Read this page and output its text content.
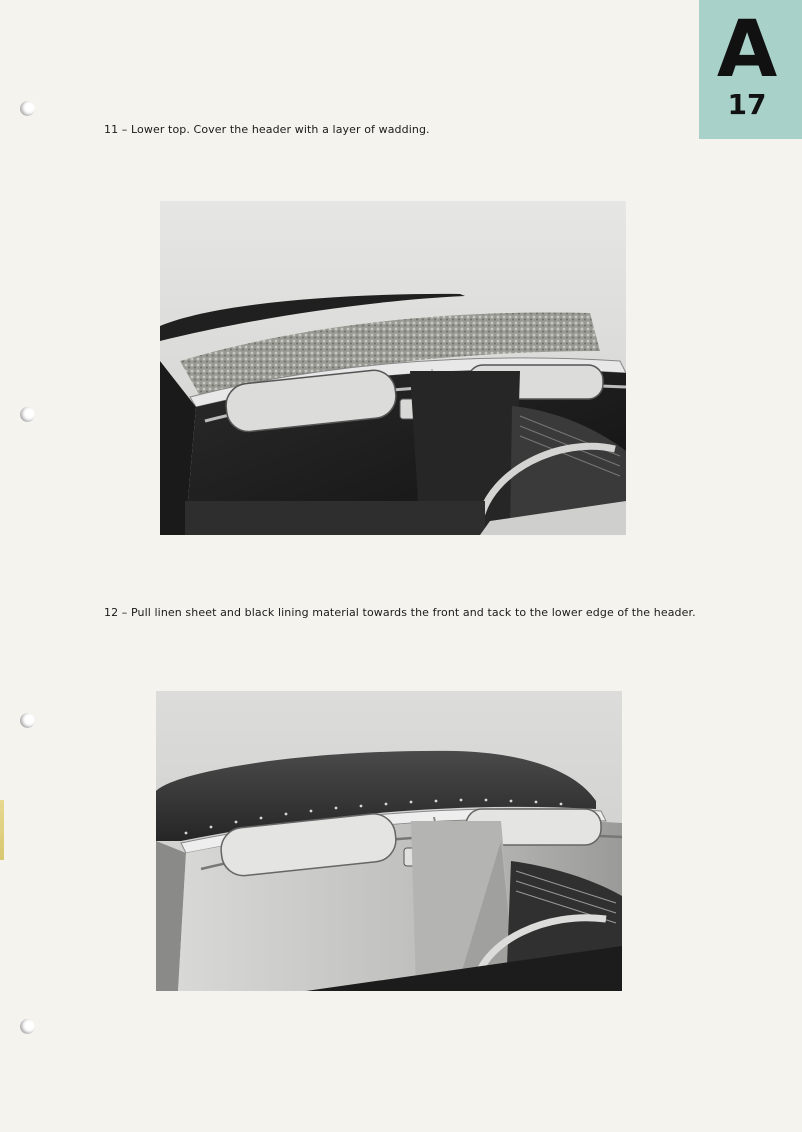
A
17
11 – Lower top. Cover the header with a layer of wadding.
12 – Pull linen sheet and black lining material towards the front and tack to the lower edge of the header.
